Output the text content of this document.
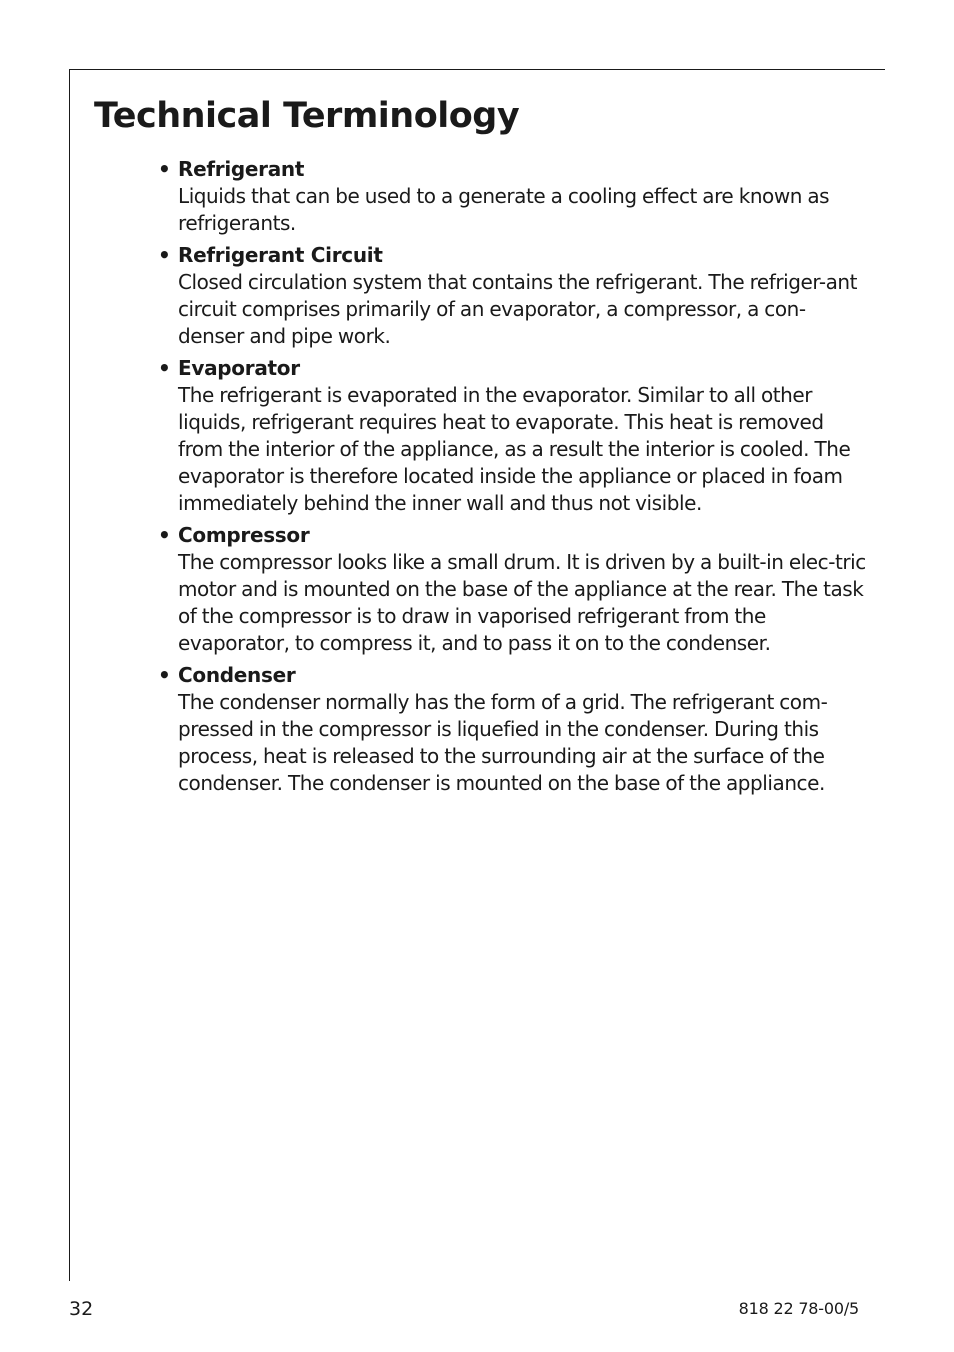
Technical Terminology
• Refrigerant
Liquids that can be used to a generate a cooling effect are known as refrigerants.
• Refrigerant Circuit
Closed circulation system that contains the refrigerant. The refriger-ant circuit comprises primarily of an evaporator, a compressor, a con-denser and pipe work.
• Evaporator
The refrigerant is evaporated in the evaporator. Similar to all other liquids, refrigerant requires heat to evaporate. This heat is removed from the interior of the appliance, as a result the interior is cooled. The evaporator is therefore located inside the appliance or placed in foam immediately behind the inner wall and thus not visible.
• Compressor
The compressor looks like a small drum. It is driven by a built-in elec-tric motor and is mounted on the base of the appliance at the rear. The task of the compressor is to draw in vaporised refrigerant from the evaporator, to compress it, and to pass it on to the condenser.
• Condenser
The condenser normally has the form of a grid. The refrigerant com-pressed in the compressor is liquefied in the condenser. During this process, heat is released to the surrounding air at the surface of the condenser. The condenser is mounted on the base of the appliance.
32	818 22 78-00/5
